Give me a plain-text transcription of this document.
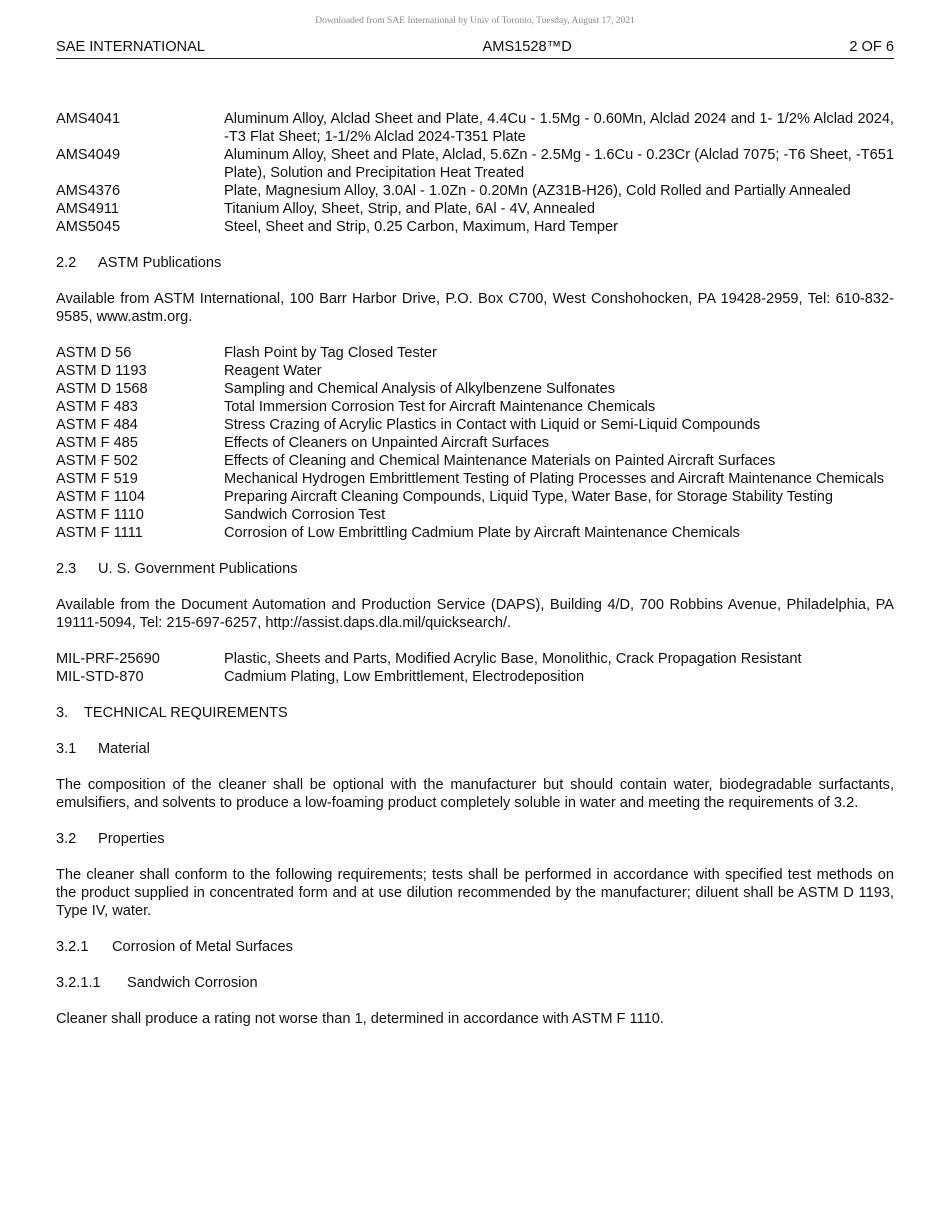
Downloaded from SAE International by Univ of Toronto, Tuesday, August 17, 2021
SAE INTERNATIONAL	AMS1528™D	2 OF 6
AMS4041	Aluminum Alloy, Alclad Sheet and Plate, 4.4Cu - 1.5Mg - 0.60Mn, Alclad 2024 and 1- 1/2% Alclad 2024, -T3 Flat Sheet; 1-1/2% Alclad 2024-T351 Plate
AMS4049	Aluminum Alloy, Sheet and Plate, Alclad, 5.6Zn - 2.5Mg - 1.6Cu - 0.23Cr (Alclad 7075; -T6 Sheet, -T651 Plate), Solution and Precipitation Heat Treated
AMS4376	Plate, Magnesium Alloy, 3.0Al - 1.0Zn - 0.20Mn (AZ31B-H26), Cold Rolled and Partially Annealed
AMS4911	Titanium Alloy, Sheet, Strip, and Plate, 6Al - 4V, Annealed
AMS5045	Steel, Sheet and Strip, 0.25 Carbon, Maximum, Hard Temper

2.2 ASTM Publications

Available from ASTM International, 100 Barr Harbor Drive, P.O. Box C700, West Conshohocken, PA 19428-2959, Tel: 610-832-9585, www.astm.org.

ASTM D 56	Flash Point by Tag Closed Tester
ASTM D 1193	Reagent Water
ASTM D 1568	Sampling and Chemical Analysis of Alkylbenzene Sulfonates
ASTM F 483	Total Immersion Corrosion Test for Aircraft Maintenance Chemicals
ASTM F 484	Stress Crazing of Acrylic Plastics in Contact with Liquid or Semi-Liquid Compounds
ASTM F 485	Effects of Cleaners on Unpainted Aircraft Surfaces
ASTM F 502	Effects of Cleaning and Chemical Maintenance Materials on Painted Aircraft Surfaces
ASTM F 519	Mechanical Hydrogen Embrittlement Testing of Plating Processes and Aircraft Maintenance Chemicals
ASTM F 1104	Preparing Aircraft Cleaning Compounds, Liquid Type, Water Base, for Storage Stability Testing
ASTM F 1110	Sandwich Corrosion Test
ASTM F 1111	Corrosion of Low Embrittling Cadmium Plate by Aircraft Maintenance Chemicals

2.3 U. S. Government Publications

Available from the Document Automation and Production Service (DAPS), Building 4/D, 700 Robbins Avenue, Philadelphia, PA 19111-5094, Tel: 215-697-6257, http://assist.daps.dla.mil/quicksearch/.

MIL-PRF-25690	Plastic, Sheets and Parts, Modified Acrylic Base, Monolithic, Crack Propagation Resistant
MIL-STD-870	Cadmium Plating, Low Embrittlement, Electrodeposition

3. TECHNICAL REQUIREMENTS

3.1 Material

The composition of the cleaner shall be optional with the manufacturer but should contain water, biodegradable surfactants, emulsifiers, and solvents to produce a low-foaming product completely soluble in water and meeting the requirements of 3.2.

3.2 Properties

The cleaner shall conform to the following requirements; tests shall be performed in accordance with specified test methods on the product supplied in concentrated form and at use dilution recommended by the manufacturer; diluent shall be ASTM D 1193, Type IV, water.

3.2.1 Corrosion of Metal Surfaces

3.2.1.1 Sandwich Corrosion

Cleaner shall produce a rating not worse than 1, determined in accordance with ASTM F 1110.
